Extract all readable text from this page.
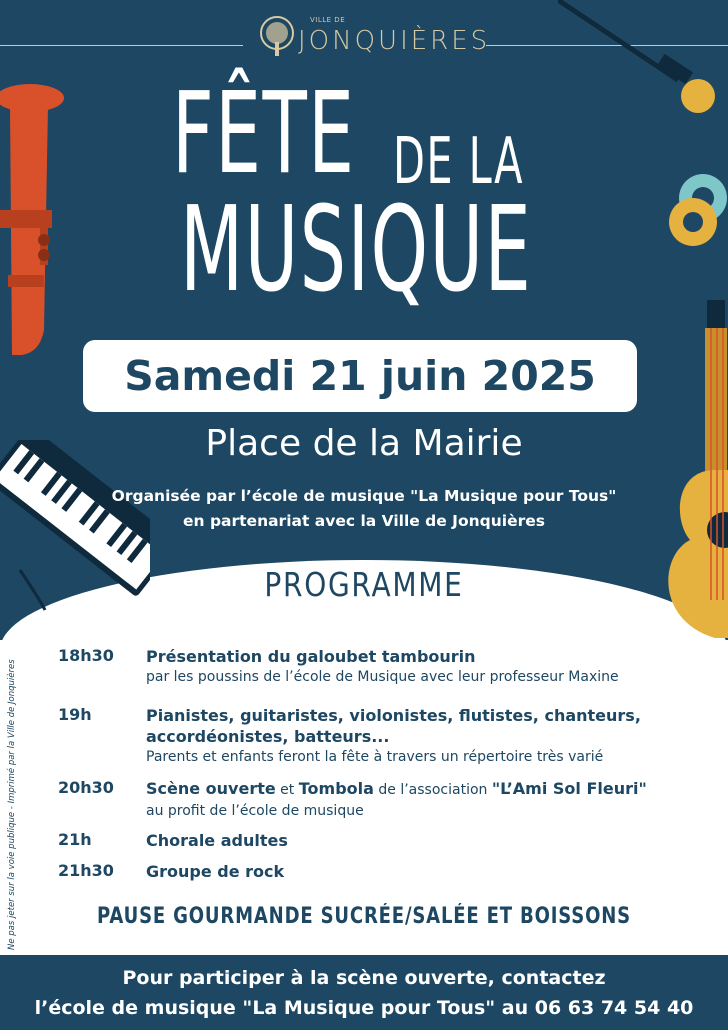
VILLE DE
JONQUIÈRES
FÊTE DE LA
MUSIQUE
Samedi 21 juin 2025
Place de la Mairie
Organisée par l’école de musique "La Musique pour Tous"
en partenariat avec la Ville de Jonquières
PROGRAMME
18h30 Présentation du galoubet tambourin
par les poussins de l’école de Musique avec leur professeur Maxine
19h	Pianistes, guitaristes, violonistes, flutistes, chanteurs, accordéonistes, batteurs...
Parents et enfants feront la fête à travers un répertoire très varié
20h30 Scène ouverte et Tombola de l’association "L’Ami Sol Fleuri"
au profit de l’école de musique
21h	Chorale adultes
21h30 Groupe de rock
PAUSE GOURMANDE SUCRÉE/SALÉE ET BOISSONS
Ne pas jeter sur la voie publique - Imprimé par la Ville de Jonquières
Pour participer à la scène ouverte, contactez
l’école de musique "La Musique pour Tous" au 06 63 74 54 40
